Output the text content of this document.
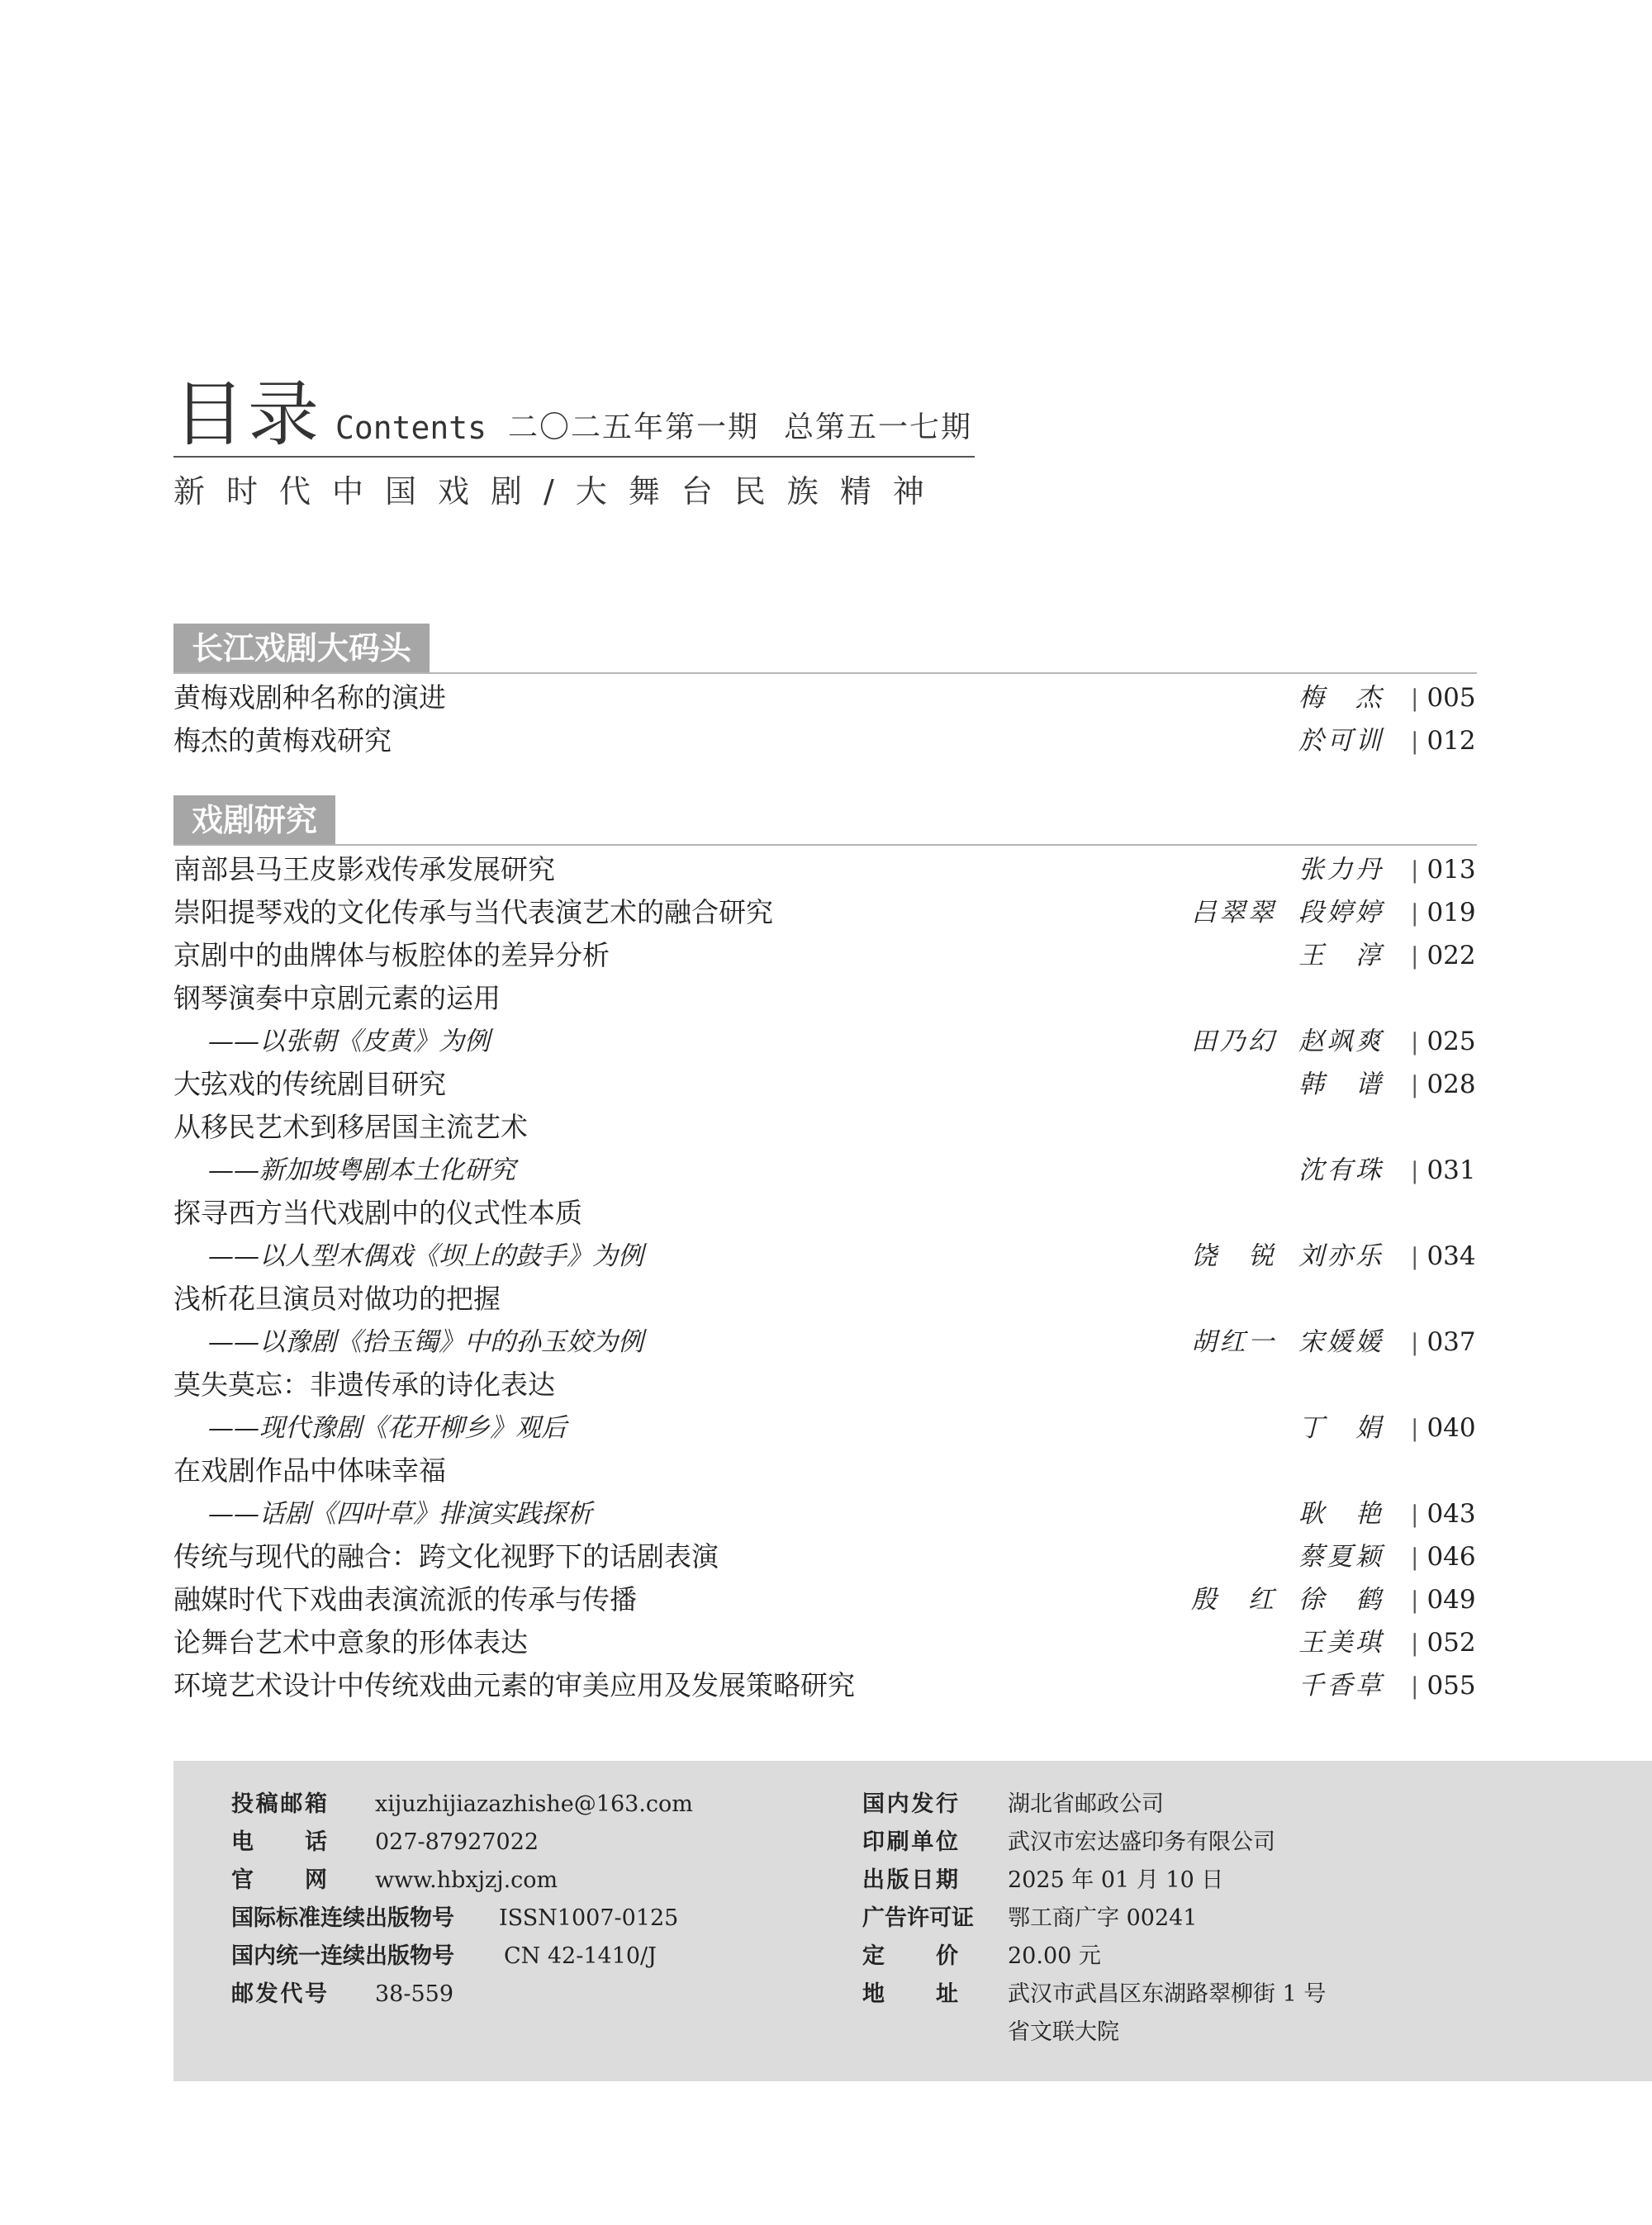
目录 Contents 二〇二五年第一期 总第五一七期
新时代中国戏剧/大舞台民族精神
长江戏剧大码头
黄梅戏剧种名称的演进	梅杰	| 005
梅杰的黄梅戏研究	於可训	| 012
戏剧研究
南部县马王皮影戏传承发展研究	张力丹	| 013
崇阳提琴戏的文化传承与当代表演艺术的融合研究	吕翠翠 段婷婷	| 019
京剧中的曲牌体与板腔体的差异分析	王淳	| 022
钢琴演奏中京剧元素的运用
——以张朝《皮黄》为例	田乃幻 赵飒爽	| 025
大弦戏的传统剧目研究	韩谱	| 028
从移民艺术到移居国主流艺术
——新加坡粤剧本土化研究	沈有珠	| 031
探寻西方当代戏剧中的仪式性本质
——以人型木偶戏《坝上的鼓手》为例	饶锐 刘亦乐	| 034
浅析花旦演员对做功的把握
——以豫剧《拾玉镯》中的孙玉姣为例	胡红一 宋媛媛	| 037
莫失莫忘：非遗传承的诗化表达
——现代豫剧《花开柳乡》观后	丁娟	| 040
在戏剧作品中体味幸福
——话剧《四叶草》排演实践探析	耿艳	| 043
传统与现代的融合：跨文化视野下的话剧表演	蔡夏颖	| 046
融媒时代下戏曲表演流派的传承与传播	殷红 徐鹤	| 049
论舞台艺术中意象的形体表达	王美琪	| 052
环境艺术设计中传统戏曲元素的审美应用及发展策略研究	千香草	| 055
投稿邮箱 xijuzhijiazazhishe@163.com
电话 027-87927022
官网 www.hbxjzj.com
国际标准连续出版物号 ISSN1007-0125
国内统一连续出版物号 CN 42-1410/J
邮发代号 38-559
国内发行 湖北省邮政公司
印刷单位 武汉市宏达盛印务有限公司
出版日期 2025 年 01 月 10 日
广告许可证 鄂工商广字 00241
定价 20.00 元
地址 武汉市武昌区东湖路翠柳街 1 号
省文联大院
